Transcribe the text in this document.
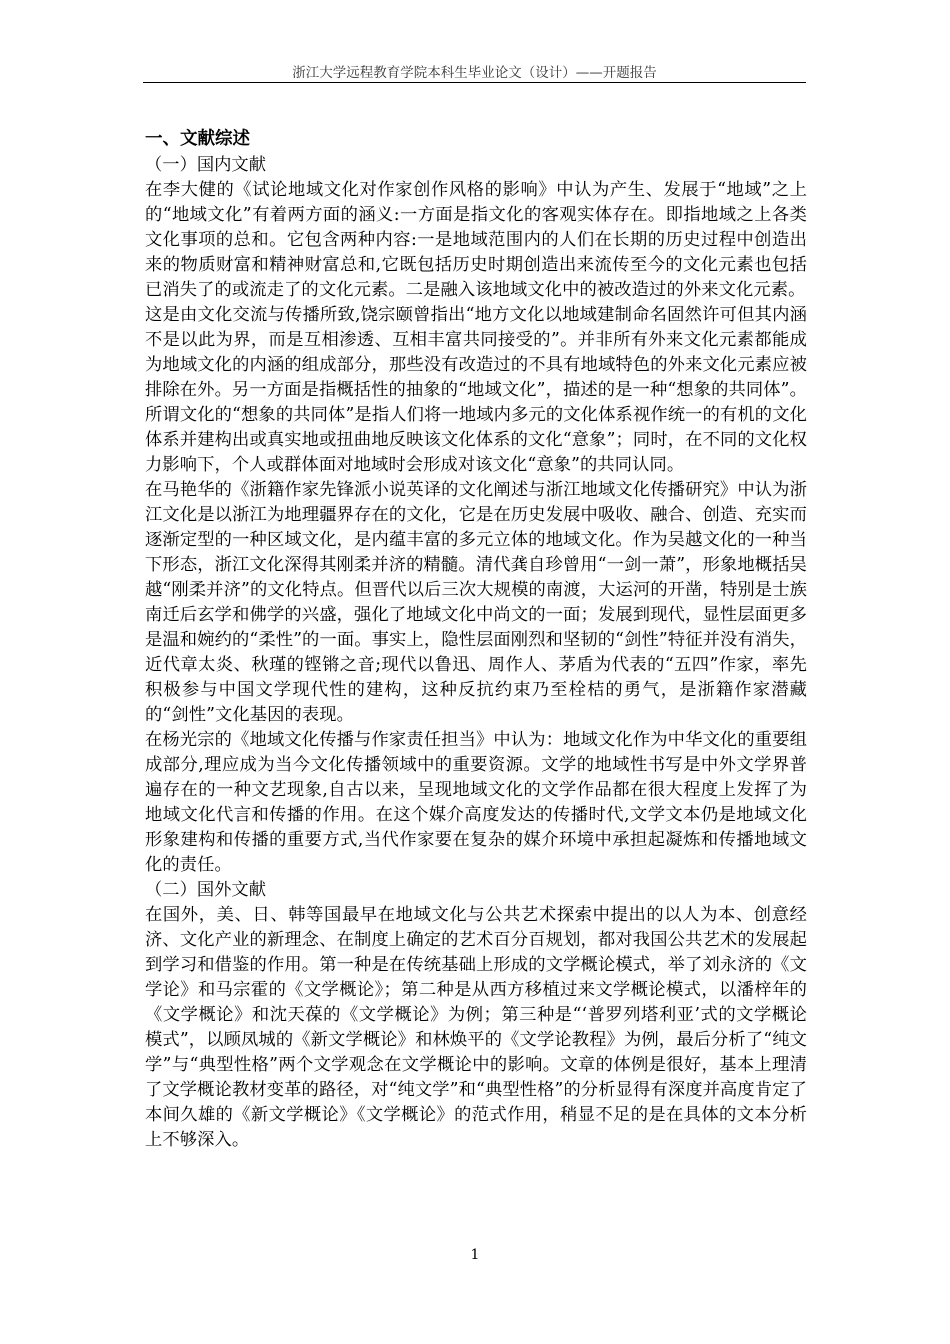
浙江大学远程教育学院本科生毕业论文（设计）——开题报告
一、文献综述
（一）国内文献

在李大健的《试论地域文化对作家创作风格的影响》中认为产生、发展于“地域”之上的“地域文化”有着两方面的涵义:一方面是指文化的客观实体存在。即指地域之上各类文化事项的总和。它包含两种内容:一是地域范围内的人们在长期的历史过程中创造出来的物质财富和精神财富总和,它既包括历史时期创造出来流传至今的文化元素也包括已消失了的或流走了的文化元素。二是融入该地域文化中的被改造过的外来文化元素。

这是由文化交流与传播所致,饶宗颐曾指出“地方文化以地域建制命名固然许可但其内涵不是以此为界，而是互相渗透、互相丰富共同接受的”。并非所有外来文化元素都能成为地域文化的内涵的组成部分，那些没有改造过的不具有地域特色的外来文化元素应被排除在外。另一方面是指概括性的抽象的“地域文化”，描述的是一种“想象的共同体”。所谓文化的“想象的共同体”是指人们将一地域内多元的文化体系视作统一的有机的文化体系并建构出或真实地或扭曲地反映该文化体系的文化“意象”；同时，在不同的文化权力影响下，个人或群体面对地域时会形成对该文化“意象”的共同认同。

在马艳华的《浙籍作家先锋派小说英译的文化阐述与浙江地域文化传播研究》中认为浙江文化是以浙江为地理疆界存在的文化，它是在历史发展中吸收、融合、创造、充实而逐渐定型的一种区域文化，是内蕴丰富的多元立体的地域文化。作为吴越文化的一种当下形态，浙江文化深得其刚柔并济的精髓。清代龚自珍曾用“一剑一萧”，形象地概括吴越“刚柔并济”的文化特点。但晋代以后三次大规模的南渡，大运河的开凿，特别是士族南迁后玄学和佛学的兴盛，强化了地域文化中尚文的一面；发展到现代，显性层面更多是温和婉约的“柔性”的一面。事实上，隐性层面刚烈和坚韧的“剑性”特征并没有消失，近代章太炎、秋瑾的铿锵之音;现代以鲁迅、周作人、茅盾为代表的“五四”作家，率先积极参与中国文学现代性的建构，这种反抗约束乃至栓桔的勇气，是浙籍作家潜藏的“剑性”文化基因的表现。

在杨光宗的《地域文化传播与作家责任担当》中认为：地域文化作为中华文化的重要组成部分,理应成为当今文化传播领域中的重要资源。文学的地域性书写是中外文学界普遍存在的一种文艺现象,自古以来，呈现地域文化的文学作品都在很大程度上发挥了为地域文化代言和传播的作用。在这个媒介高度发达的传播时代,文学文本仍是地域文化形象建构和传播的重要方式,当代作家要在复杂的媒介环境中承担起凝炼和传播地域文化的责任。

（二）国外文献

在国外，美、日、韩等国最早在地域文化与公共艺术探索中提出的以人为本、创意经济、文化产业的新理念、在制度上确定的艺术百分百规划，都对我国公共艺术的发展起到学习和借鉴的作用。第一种是在传统基础上形成的文学概论模式，举了刘永济的《文学论》和马宗霍的《文学概论》；第二种是从西方移植过来文学概论模式，以潘梓年的《文学概论》和沈天葆的《文学概论》为例；第三种是“‘普罗列塔利亚’式的文学概论模式”，以顾凤城的《新文学概论》和林焕平的《文学论教程》为例，最后分析了“纯文学”与“典型性格”两个文学观念在文学概论中的影响。文章的体例是很好，基本上理清了文学概论教材变革的路径，对“纯文学”和“典型性格”的分析显得有深度并高度肯定了本间久雄的《新文学概论》《文学概论》的范式作用，稍显不足的是在具体的文本分析上不够深入。

1
